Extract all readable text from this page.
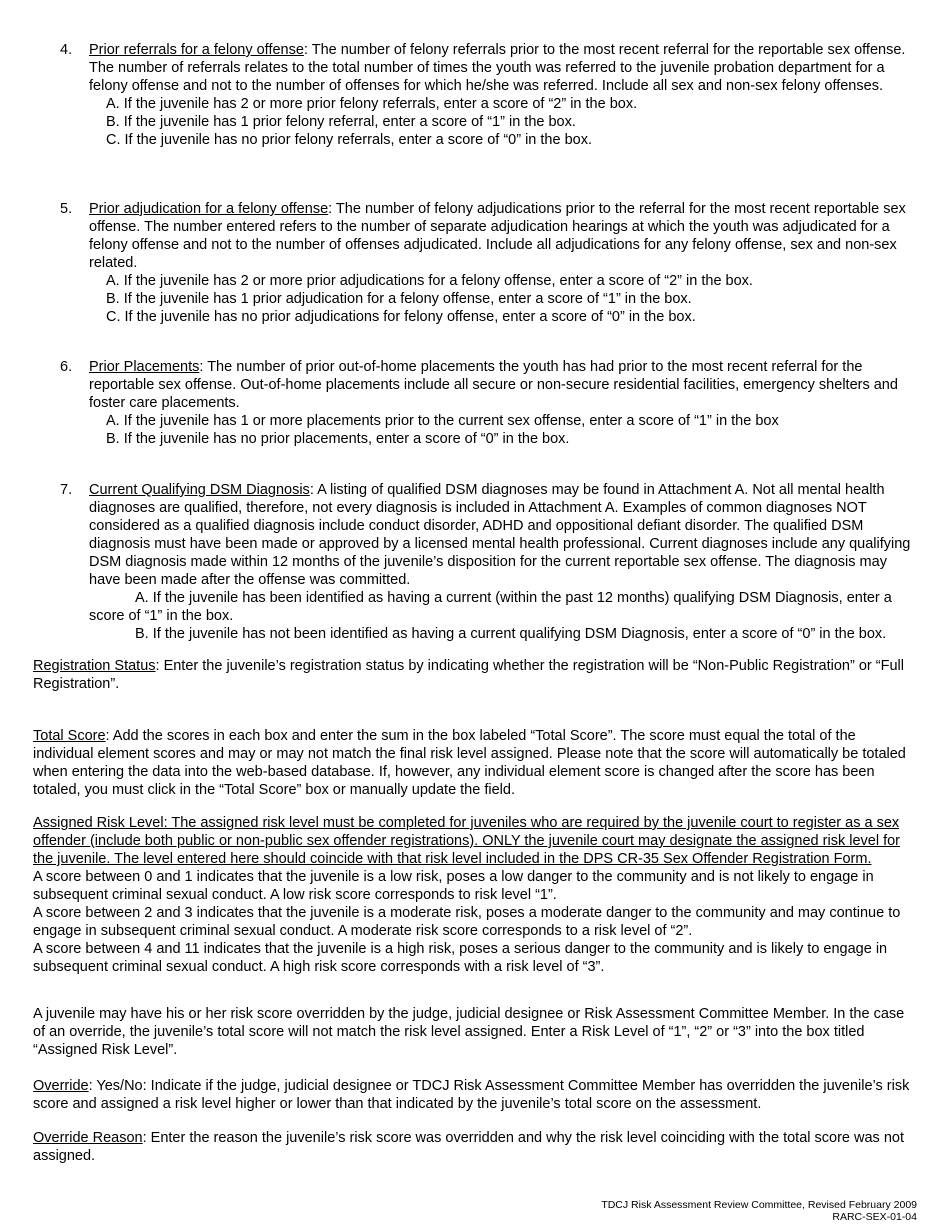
4. Prior referrals for a felony offense: The number of felony referrals prior to the most recent referral for the reportable sex offense. The number of referrals relates to the total number of times the youth was referred to the juvenile probation department for a felony offense and not to the number of offenses for which he/she was referred. Include all sex and non-sex felony offenses.
A. If the juvenile has 2 or more prior felony referrals, enter a score of “2” in the box.
B. If the juvenile has 1 prior felony referral, enter a score of “1” in the box.
C. If the juvenile has no prior felony referrals, enter a score of “0” in the box.
5. Prior adjudication for a felony offense: The number of felony adjudications prior to the referral for the most recent reportable sex offense. The number entered refers to the number of separate adjudication hearings at which the youth was adjudicated for a felony offense and not to the number of offenses adjudicated. Include all adjudications for any felony offense, sex and non-sex related.
A. If the juvenile has 2 or more prior adjudications for a felony offense, enter a score of “2” in the box.
B. If the juvenile has 1 prior adjudication for a felony offense, enter a score of “1” in the box.
C. If the juvenile has no prior adjudications for felony offense, enter a score of “0” in the box.
6. Prior Placements: The number of prior out-of-home placements the youth has had prior to the most recent referral for the reportable sex offense. Out-of-home placements include all secure or non-secure residential facilities, emergency shelters and foster care placements.
A. If the juvenile has 1 or more placements prior to the current sex offense, enter a score of “1” in the box
B. If the juvenile has no prior placements, enter a score of “0” in the box.
7. Current Qualifying DSM Diagnosis: A listing of qualified DSM diagnoses may be found in Attachment A. Not all mental health diagnoses are qualified, therefore, not every diagnosis is included in Attachment A. Examples of common diagnoses NOT considered as a qualified diagnosis include conduct disorder, ADHD and oppositional defiant disorder. The qualified DSM diagnosis must have been made or approved by a licensed mental health professional. Current diagnoses include any qualifying DSM diagnosis made within 12 months of the juvenile’s disposition for the current reportable sex offense. The diagnosis may have been made after the offense was committed.
A. If the juvenile has been identified as having a current (within the past 12 months) qualifying DSM Diagnosis, enter a score of “1” in the box.
B. If the juvenile has not been identified as having a current qualifying DSM Diagnosis, enter a score of “0” in the box.
Registration Status: Enter the juvenile’s registration status by indicating whether the registration will be “Non-Public Registration” or “Full Registration”.
Total Score: Add the scores in each box and enter the sum in the box labeled “Total Score”. The score must equal the total of the individual element scores and may or may not match the final risk level assigned. Please note that the score will automatically be totaled when entering the data into the web-based database. If, however, any individual element score is changed after the score has been totaled, you must click in the “Total Score” box or manually update the field.
Assigned Risk Level: The assigned risk level must be completed for juveniles who are required by the juvenile court to register as a sex offender (include both public or non-public sex offender registrations). ONLY the juvenile court may designate the assigned risk level for the juvenile. The level entered here should coincide with that risk level included in the DPS CR-35 Sex Offender Registration Form.
A score between 0 and 1 indicates that the juvenile is a low risk, poses a low danger to the community and is not likely to engage in subsequent criminal sexual conduct. A low risk score corresponds to risk level “1”.
A score between 2 and 3 indicates that the juvenile is a moderate risk, poses a moderate danger to the community and may continue to engage in subsequent criminal sexual conduct. A moderate risk score corresponds to a risk level of “2”.
A score between 4 and 11 indicates that the juvenile is a high risk, poses a serious danger to the community and is likely to engage in subsequent criminal sexual conduct. A high risk score corresponds with a risk level of “3”.
A juvenile may have his or her risk score overridden by the judge, judicial designee or Risk Assessment Committee Member. In the case of an override, the juvenile’s total score will not match the risk level assigned. Enter a Risk Level of “1”, “2” or “3” into the box titled “Assigned Risk Level”.
Override: Yes/No: Indicate if the judge, judicial designee or TDCJ Risk Assessment Committee Member has overridden the juvenile’s risk score and assigned a risk level higher or lower than that indicated by the juvenile’s total score on the assessment.
Override Reason: Enter the reason the juvenile’s risk score was overridden and why the risk level coinciding with the total score was not assigned.
TDCJ Risk Assessment Review Committee, Revised February 2009
RARC-SEX-01-04
